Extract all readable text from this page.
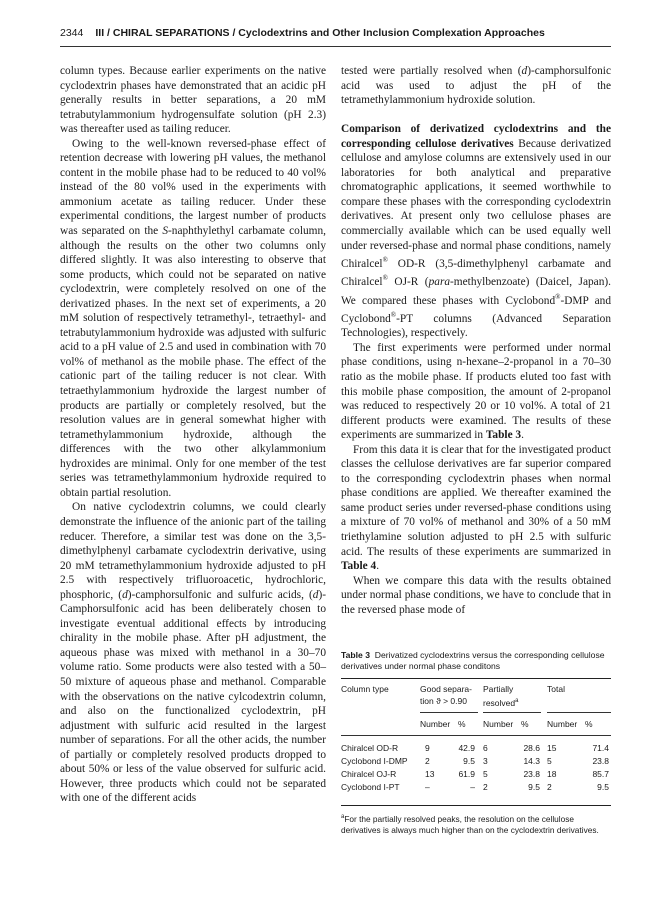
2344 III / CHIRAL SEPARATIONS / Cyclodextrins and Other Inclusion Complexation Approaches

column types. Because earlier experiments on the native cyclodextrin phases have demonstrated that an acidic pH generally results in better separations, a 20 mM tetrabutylammonium hydrogensulfate solution (pH 2.3) was thereafter used as tailing reducer.

Owing to the well-known reversed-phase effect of retention decrease with lowering pH values, the methanol content in the mobile phase had to be reduced to 40 vol% instead of the 80 vol% used in the experiments with ammonium acetate as tailing reducer. Under these experimental conditions, the largest number of products was separated on the S-naphthylethyl carbamate column, although the results on the other two columns only differed slightly. It was also interesting to observe that some products, which could not be separated on native cyclodextrin, were completely resolved on one of the derivatized phases. In the next set of experiments, a 20 mM solution of respectively tetramethyl-, tetraethyl- and tetrabutylammonium hydroxide was adjusted with sulfuric acid to a pH value of 2.5 and used in combination with 70 vol% of methanol as the mobile phase. The effect of the cationic part of the tailing reducer is not clear. With tetraethylammonium hydroxide the largest number of products are partially or completely resolved, but the resolution values are in general somewhat higher with tetramethylammonium hydroxide, although the differences with the two other alkylammonium hydroxides are minimal. Only for one member of the test series was tetramethylammonium hydroxide required to obtain partial resolution.

On native cyclodextrin columns, we could clearly demonstrate the influence of the anionic part of the tailing reducer. Therefore, a similar test was done on the 3,5-dimethylphenyl carbamate cyclodextrin derivative, using 20 mM tetramethylammonium hydroxide adjusted to pH 2.5 with respectively trifluoroacetic, hydrochloric, phosphoric, (d)-camphorsulfonic and sulfuric acids, (d)-Camphorsulfonic acid has been deliberately chosen to investigate eventual additional effects by introducing chirality in the mobile phase. After pH adjustment, the aqueous phase was mixed with methanol in a 30–70 volume ratio. Some products were also tested with a 50–50 mixture of aqueous phase and methanol. Comparable with the observations on the native cylcodextrin column, and also on the functionalized cyclodextrin, pH adjustment with sulfuric acid resulted in the largest number of separations. For all the other acids, the number of partially or completely resolved products dropped to about 50% or less of the value observed for sulfuric acid. However, three products which could not be separated with one of the different acids

tested were partially resolved when (d)-camphorsulfonic acid was used to adjust the pH of the tetramethylammonium hydroxide solution.

Comparison of derivatized cyclodextrins and the corresponding cellulose derivatives Because derivatized cellulose and amylose columns are extensively used in our laboratories for both analytical and preparative chromatographic applications, it seemed worthwhile to compare these phases with the corresponding cyclodextrin derivatives. At present only two cellulose phases are commercially available which can be used equally well under reversed-phase and normal phase conditions, namely Chiralcel® OD-R (3,5-dimethylphenyl carbamate and Chiralcel® OJ-R (para-methylbenzoate) (Daicel, Japan). We compared these phases with Cyclobond®-DMP and Cyclobond®-PT columns (Advanced Separation Technologies), respectively.

The first experiments were performed under normal phase conditions, using n-hexane–2-propanol in a 70–30 ratio as the mobile phase. If products eluted too fast with this mobile phase composition, the amount of 2-propanol was reduced to respectively 20 or 10 vol%. A total of 21 different products were examined. The results of these experiments are summarized in Table 3.

From this data it is clear that for the investigated product classes the cellulose derivatives are far superior compared to the corresponding cyclodextrin phases when normal phase conditions are applied. We thereafter examined the same product series under reversed-phase conditions using a mixture of 70 vol% of methanol and 30% of a 50 mM triethylamine solution adjusted to pH 2.5 with sulfuric acid. The results of these experiments are summarized in Table 4.

When we compare this data with the results obtained under normal phase conditions, we have to conclude that in the reversed phase mode of

Table 3 Derivatized cyclodextrins versus the corresponding cellulose derivatives under normal phase conditons
Column type	Good separa- Partially	Total
tion ϑ > 0.90 resolved$^a$
Number % Number % Number %
Chiralcel OD-R	9	42.9 6	28.6 15	71.4
Cyclobond I-DMP 2	9.5 3	14.3 5	23.8
Chiralcel OJ-R	13	61.9 5	23.8 18	85.7
Cyclobond I-PT	–	– 2	9.5 2	9.5
$^a$For the partially resolved peaks, the resolution on the cellulose derivatives is always much higher than on the cyclodextrin derivatives.
